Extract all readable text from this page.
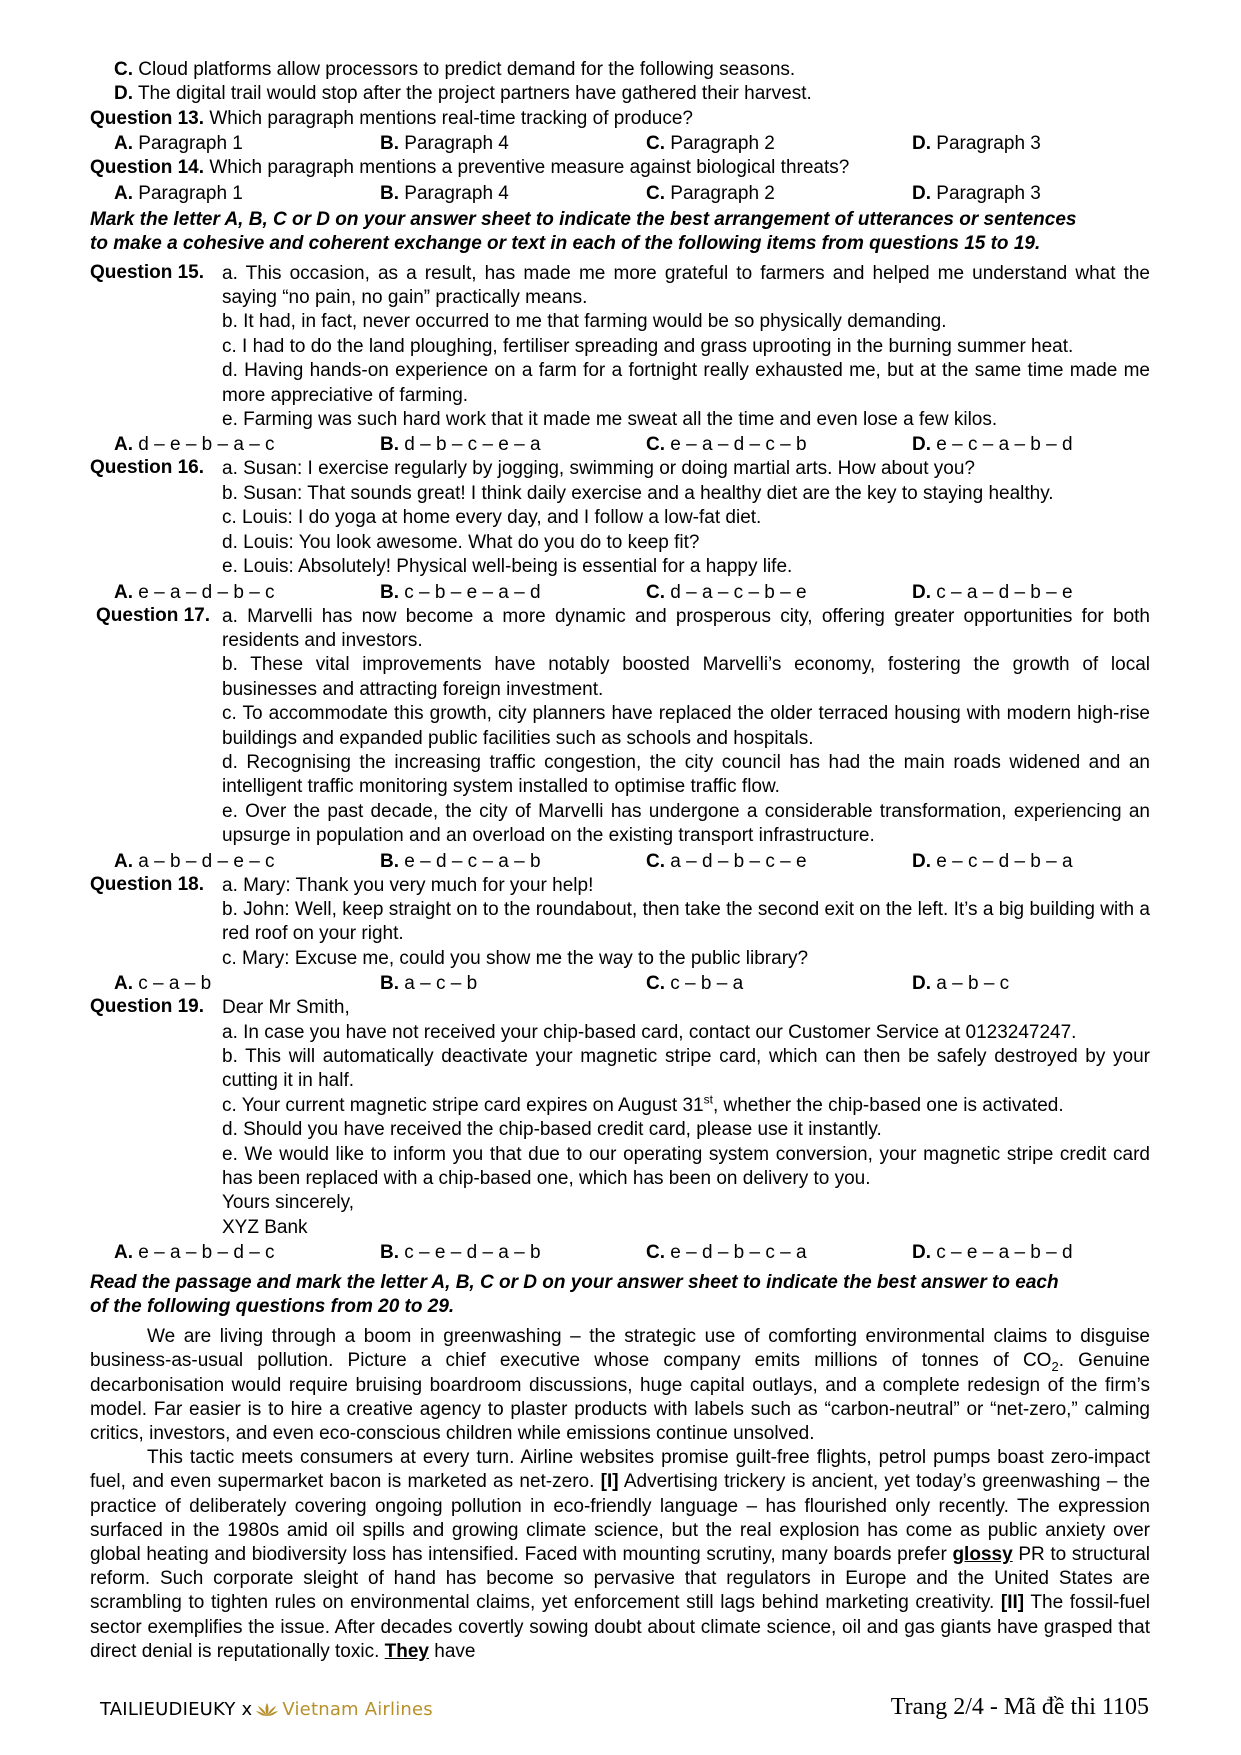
C. Cloud platforms allow processors to predict demand for the following seasons.
D. The digital trail would stop after the project partners have gathered their harvest.
Question 13. Which paragraph mentions real-time tracking of produce?
A. Paragraph 1	B. Paragraph 4	C. Paragraph 2	D. Paragraph 3
Question 14. Which paragraph mentions a preventive measure against biological threats?
A. Paragraph 1	B. Paragraph 4	C. Paragraph 2	D. Paragraph 3
Mark the letter A, B, C or D on your answer sheet to indicate the best arrangement of utterances or sentences
to make a cohesive and coherent exchange or text in each of the following items from questions 15 to 19.
Question 15. a. This occasion, as a result, has made me more grateful to farmers and helped me understand what the saying “no pain, no gain” practically means.
b. It had, in fact, never occurred to me that farming would be so physically demanding.
c. I had to do the land ploughing, fertiliser spreading and grass uprooting in the burning summer heat.
d. Having hands-on experience on a farm for a fortnight really exhausted me, but at the same time made me more appreciative of farming.
e. Farming was such hard work that it made me sweat all the time and even lose a few kilos.
A. d – e – b – a – c	B. d – b – c – e – a	C. e – a – d – c – b	D. e – c – a – b – d
Question 16. a. Susan: I exercise regularly by jogging, swimming or doing martial arts. How about you?
b. Susan: That sounds great! I think daily exercise and a healthy diet are the key to staying healthy.
c. Louis: I do yoga at home every day, and I follow a low-fat diet.
d. Louis: You look awesome. What do you do to keep fit?
e. Louis: Absolutely! Physical well-being is essential for a happy life.
A. e – a – d – b – c	B. c – b – e – a – d	C. d – a – c – b – e	D. c – a – d – b – e
Question 17. a. Marvelli has now become a more dynamic and prosperous city, offering greater opportunities for both residents and investors.
b. These vital improvements have notably boosted Marvelli’s economy, fostering the growth of local businesses and attracting foreign investment.
c. To accommodate this growth, city planners have replaced the older terraced housing with modern high-rise buildings and expanded public facilities such as schools and hospitals.
d. Recognising the increasing traffic congestion, the city council has had the main roads widened and an intelligent traffic monitoring system installed to optimise traffic flow.
e. Over the past decade, the city of Marvelli has undergone a considerable transformation, experiencing an upsurge in population and an overload on the existing transport infrastructure.
A. a – b – d – e – c	B. e – d – c – a – b	C. a – d – b – c – e	D. e – c – d – b – a
Question 18. a. Mary: Thank you very much for your help!
b. John: Well, keep straight on to the roundabout, then take the second exit on the left. It’s a big building with a red roof on your right.
c. Mary: Excuse me, could you show me the way to the public library?
A. c – a – b	B. a – c – b	C. c – b – a	D. a – b – c
Question 19. Dear Mr Smith,
a. In case you have not received your chip-based card, contact our Customer Service at 0123247247.
b. This will automatically deactivate your magnetic stripe card, which can then be safely destroyed by your cutting it in half.
c. Your current magnetic stripe card expires on August 31st, whether the chip-based one is activated.
d. Should you have received the chip-based credit card, please use it instantly.
e. We would like to inform you that due to our operating system conversion, your magnetic stripe credit card has been replaced with a chip-based one, which has been on delivery to you.
Yours sincerely,
XYZ Bank
A. e – a – b – d – c	B. c – e – d – a – b	C. e – d – b – c – a	D. c – e – a – b – d
Read the passage and mark the letter A, B, C or D on your answer sheet to indicate the best answer to each
of the following questions from 20 to 29.
We are living through a boom in greenwashing – the strategic use of comforting environmental claims to disguise business-as-usual pollution. Picture a chief executive whose company emits millions of tonnes of $CO_2$. Genuine decarbonisation would require bruising boardroom discussions, huge capital outlays, and a complete redesign of the firm’s model. Far easier is to hire a creative agency to plaster products with labels such as “carbon-neutral” or “net-zero,” calming critics, investors, and even eco-conscious children while emissions continue unsolved.
This tactic meets consumers at every turn. Airline websites promise guilt-free flights, petrol pumps boast zero-impact fuel, and even supermarket bacon is marketed as net-zero. [I] Advertising trickery is ancient, yet today’s greenwashing – the practice of deliberately covering ongoing pollution in eco-friendly language – has flourished only recently. The expression surfaced in the 1980s amid oil spills and growing climate science, but the real explosion has come as public anxiety over global heating and biodiversity loss has intensified. Faced with mounting scrutiny, many boards prefer glossy PR to structural reform. Such corporate sleight of hand has become so pervasive that regulators in Europe and the United States are scrambling to tighten rules on environmental claims, yet enforcement still lags behind marketing creativity. [II] The fossil-fuel sector exemplifies the issue. After decades covertly sowing doubt about climate science, oil and gas giants have grasped that direct denial is reputationally toxic. They have
TAILIEUDIEUKY x Vietnam Airlines	Trang 2/4 - Mã đề thi 1105
